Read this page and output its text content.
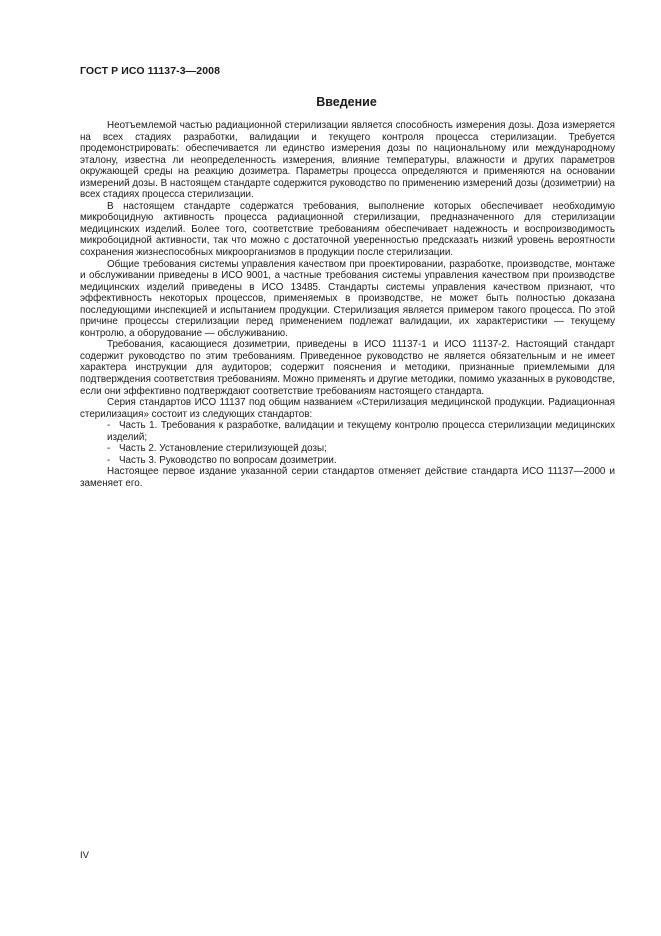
ГОСТ Р ИСО 11137-3—2008
Введение

Неотъемлемой частью радиационной стерилизации является способность измерения дозы. Доза измеряется на всех стадиях разработки, валидации и текущего контроля процесса стерилизации. Требуется продемонстрировать: обеспечивается ли единство измерения дозы по национальному или международному эталону, известна ли неопределенность измерения, влияние температуры, влажности и других параметров окружающей среды на реакцию дозиметра. Параметры процесса определяются и применяются на основании измерений дозы. В настоящем стандарте содержится руководство по применению измерений дозы (дозиметрии) на всех стадиях процесса стерилизации.

В настоящем стандарте содержатся требования, выполнение которых обеспечивает необходимую микробоцидную активность процесса радиационной стерилизации, предназначенного для стерилизации медицинских изделий. Более того, соответствие требованиям обеспечивает надежность и воспроизводимость микробоцидной активности, так что можно с достаточной уверенностью предсказать низкий уровень вероятности сохранения жизнеспособных микроорганизмов в продукции после стерилизации.

Общие требования системы управления качеством при проектировании, разработке, производстве, монтаже и обслуживании приведены в ИСО 9001, а частные требования системы управления качеством при производстве медицинских изделий приведены в ИСО 13485. Стандарты системы управления качеством признают, что эффективность некоторых процессов, применяемых в производстве, не может быть полностью доказана последующими инспекцией и испытанием продукции. Стерилизация является примером такого процесса. По этой причине процессы стерилизации перед применением подлежат валидации, их характеристики — текущему контролю, а оборудование — обслуживанию.

Требования, касающиеся дозиметрии, приведены в ИСО 11137-1 и ИСО 11137-2. Настоящий стандарт содержит руководство по этим требованиям. Приведенное руководство не является обязательным и не имеет характера инструкции для аудиторов; содержит пояснения и методики, признанные приемлемыми для подтверждения соответствия требованиям. Можно применять и другие методики, помимо указанных в руководстве, если они эффективно подтверждают соответствие требованиям настоящего стандарта.

Серия стандартов ИСО 11137 под общим названием «Стерилизация медицинской продукции. Радиационная стерилизация» состоит из следующих стандартов:

- Часть 1. Требования к разработке, валидации и текущему контролю процесса стерилизации медицинских изделий;
- Часть 2. Установление стерилизующей дозы;
- Часть 3. Руководство по вопросам дозиметрии.

Настоящее первое издание указанной серии стандартов отменяет действие стандарта ИСО 11137—2000 и заменяет его.

IV
